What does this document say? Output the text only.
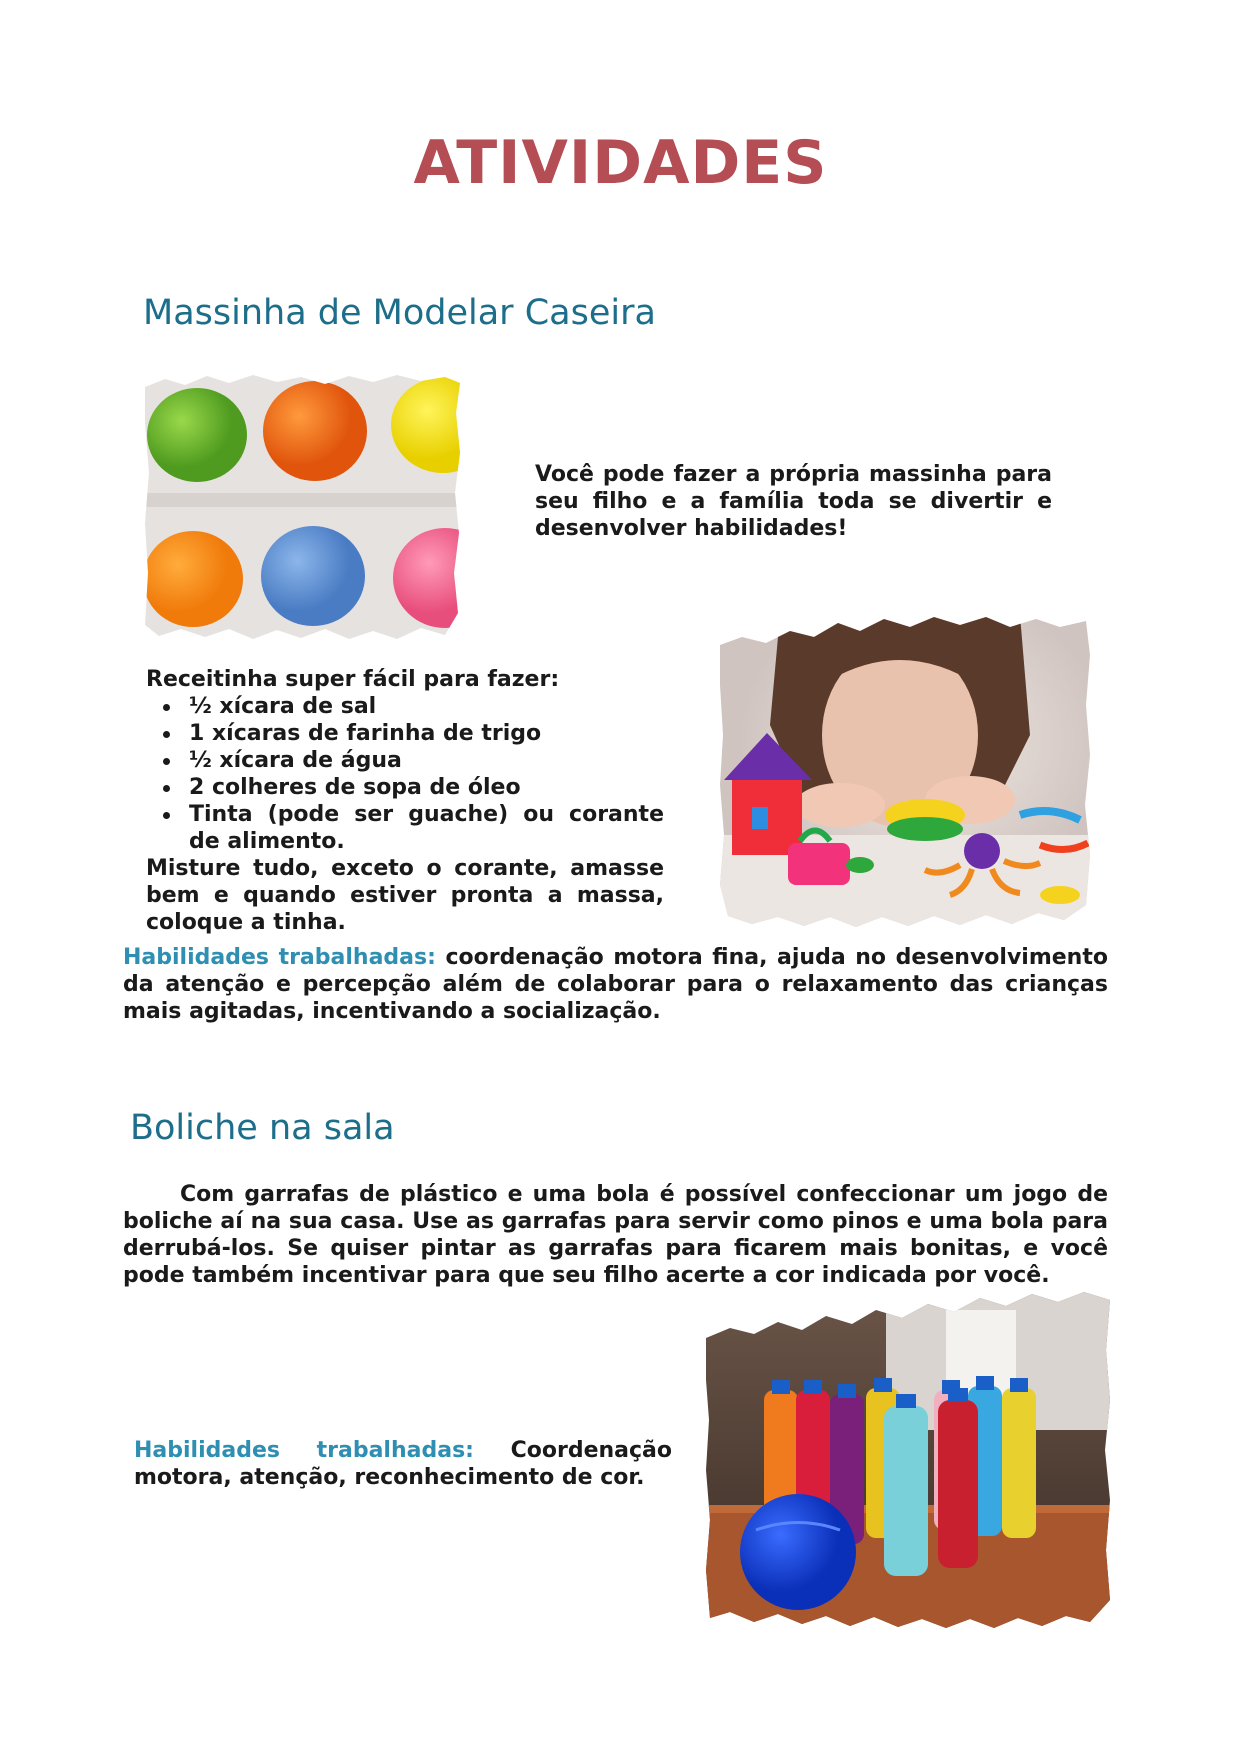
ATIVIDADES
Massinha de Modelar Caseira
Você pode fazer a própria massinha para seu filho e a família toda se divertir e desenvolver habilidades!
Receitinha super fácil para fazer:
½ xícara de sal
1 xícaras de farinha de trigo
½ xícara de água
2 colheres de sopa de óleo
Tinta (pode ser guache) ou corante de alimento.
Misture tudo, exceto o corante, amasse bem e quando estiver pronta a massa, coloque a tinha.
Habilidades trabalhadas: coordenação motora fina, ajuda no desenvolvimento da atenção e percepção além de colaborar para o relaxamento das crianças mais agitadas, incentivando a socialização.
Boliche na sala
Com garrafas de plástico e uma bola é possível confeccionar um jogo de boliche aí na sua casa. Use as garrafas para servir como pinos e uma bola para derrubá-los. Se quiser pintar as garrafas para ficarem mais bonitas, e você pode também incentivar para que seu filho acerte a cor indicada por você.
Habilidades trabalhadas: Coordenação motora, atenção, reconhecimento de cor.
